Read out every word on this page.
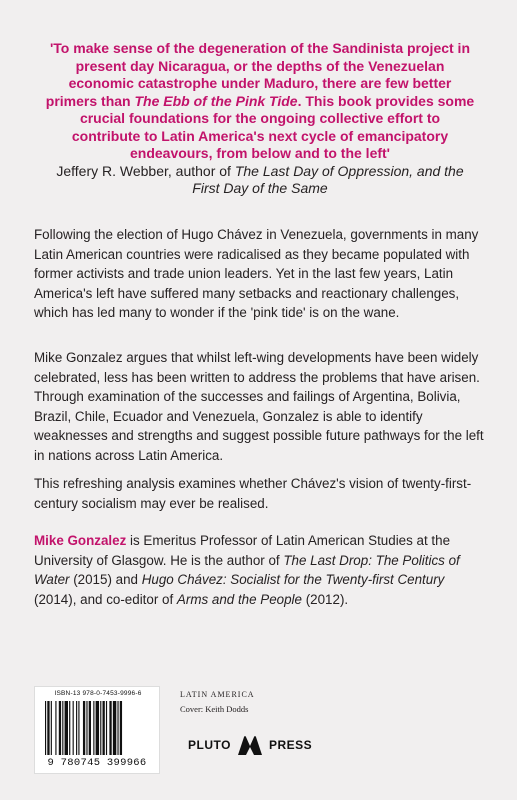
'To make sense of the degeneration of the Sandinista project in present day Nicaragua, or the depths of the Venezuelan economic catastrophe under Maduro, there are few better primers than The Ebb of the Pink Tide. This book provides some crucial foundations for the ongoing collective effort to contribute to Latin America's next cycle of emancipatory endeavours, from below and to the left'
Jeffery R. Webber, author of The Last Day of Oppression, and the First Day of the Same

Following the election of Hugo Chávez in Venezuela, governments in many Latin American countries were radicalised as they became populated with former activists and trade union leaders. Yet in the last few years, Latin America's left have suffered many setbacks and reactionary challenges, which has led many to wonder if the 'pink tide' is on the wane.

Mike Gonzalez argues that whilst left-wing developments have been widely celebrated, less has been written to address the problems that have arisen. Through examination of the successes and failings of Argentina, Bolivia, Brazil, Chile, Ecuador and Venezuela, Gonzalez is able to identify weaknesses and strengths and suggest possible future pathways for the left in nations across Latin America.

This refreshing analysis examines whether Chávez's vision of twenty-first-century socialism may ever be realised.

Mike Gonzalez is Emeritus Professor of Latin American Studies at the University of Glasgow. He is the author of The Last Drop: The Politics of Water (2015) and Hugo Chávez: Socialist for the Twenty-first Century (2014), and co-editor of Arms and the People (2012).

ISBN-13 978-0-7453-9996-6
9 780745 399966
LATIN AMERICA
Cover: Keith Dodds
PLUTO	PRESS
